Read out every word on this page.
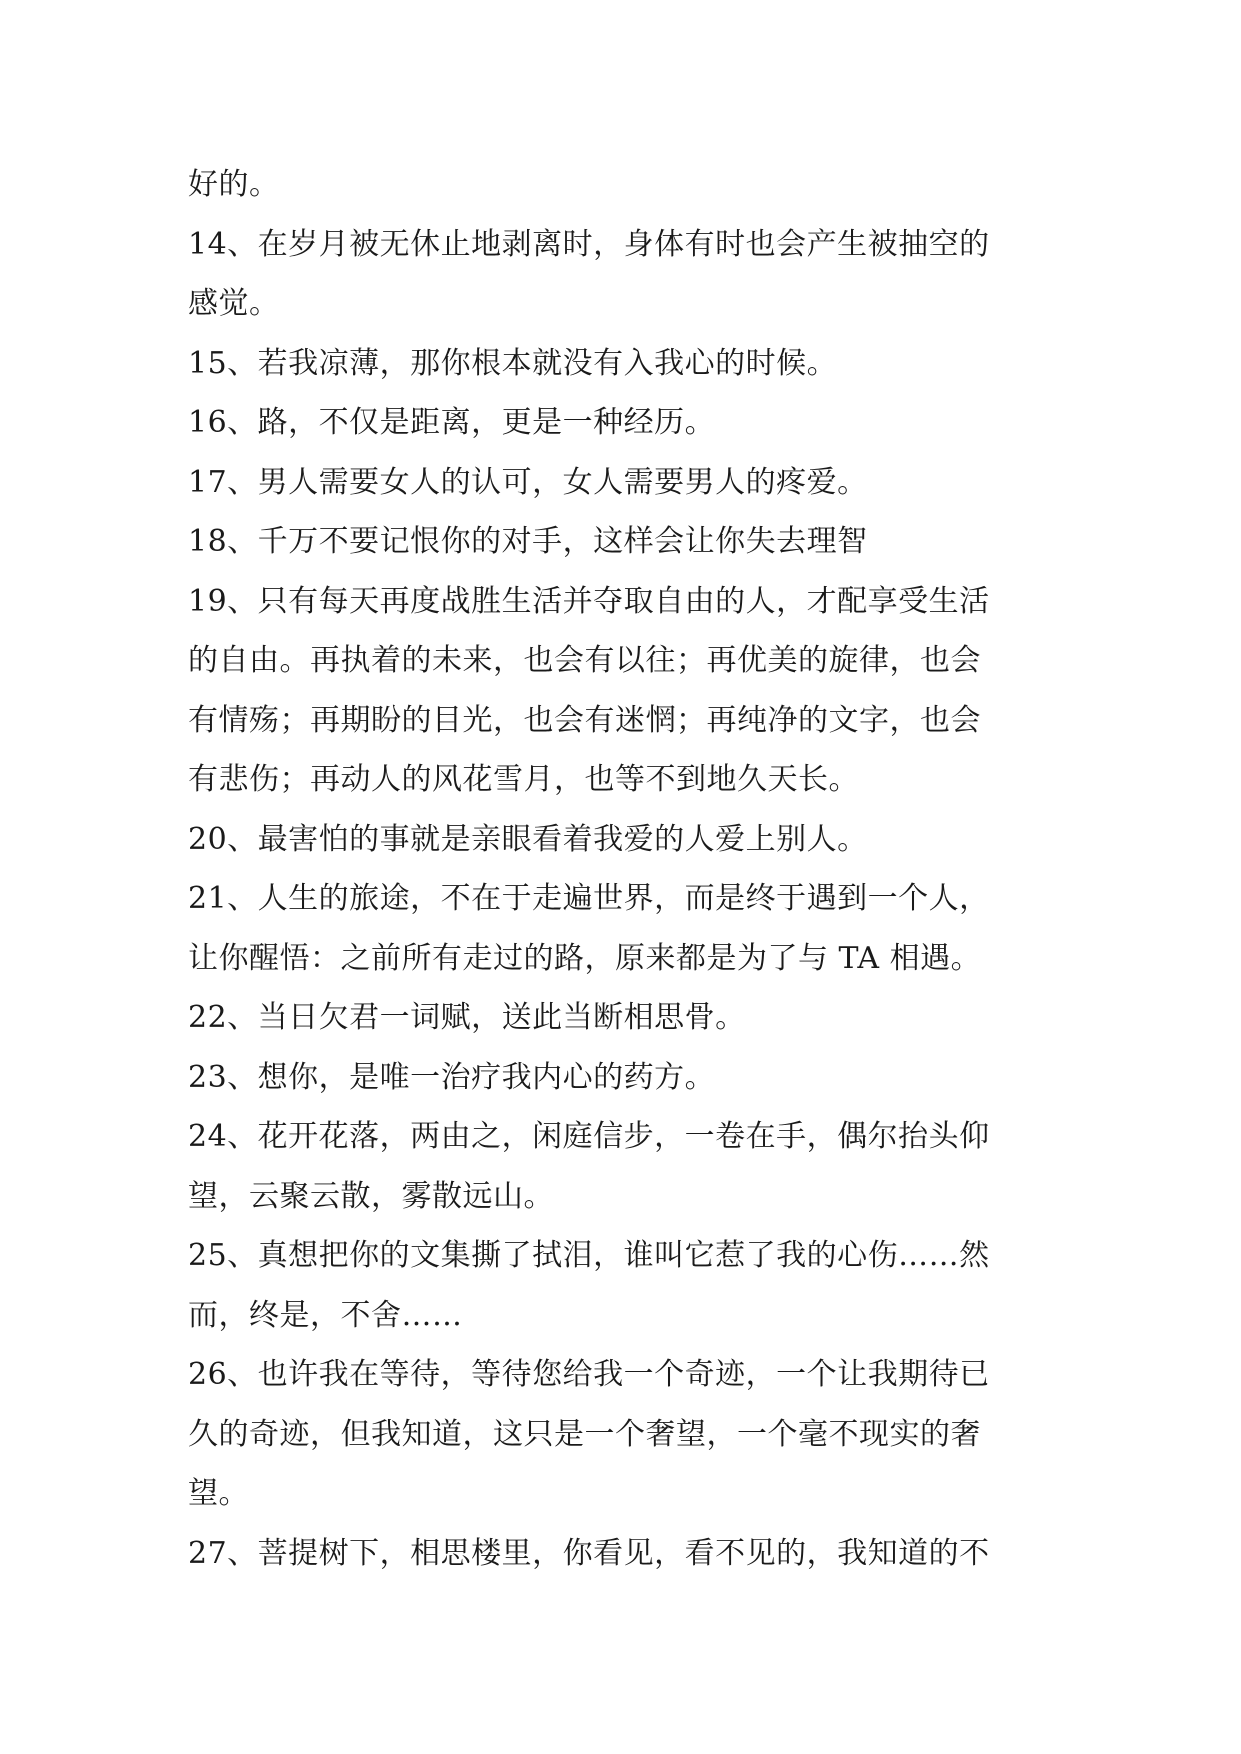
好的。
14、在岁月被无休止地剥离时，身体有时也会产生被抽空的
感觉。
15、若我凉薄，那你根本就没有入我心的时候。
16、路，不仅是距离，更是一种经历。
17、男人需要女人的认可，女人需要男人的疼爱。
18、千万不要记恨你的对手，这样会让你失去理智
19、只有每天再度战胜生活并夺取自由的人，才配享受生活
的自由。再执着的未来，也会有以往；再优美的旋律，也会
有情殇；再期盼的目光，也会有迷惘；再纯净的文字，也会
有悲伤；再动人的风花雪月，也等不到地久天长。
20、最害怕的事就是亲眼看着我爱的人爱上别人。
21、人生的旅途，不在于走遍世界，而是终于遇到一个人，
让你醒悟：之前所有走过的路，原来都是为了与 TA 相遇。
22、当日欠君一词赋，送此当断相思骨。
23、想你，是唯一治疗我内心的药方。
24、花开花落，两由之，闲庭信步，一卷在手，偶尔抬头仰
望，云聚云散，雾散远山。
25、真想把你的文集撕了拭泪，谁叫它惹了我的心伤……然
而，终是，不舍……
26、也许我在等待，等待您给我一个奇迹，一个让我期待已
久的奇迹，但我知道，这只是一个奢望，一个毫不现实的奢
望。
27、菩提树下，相思楼里，你看见，看不见的，我知道的不
